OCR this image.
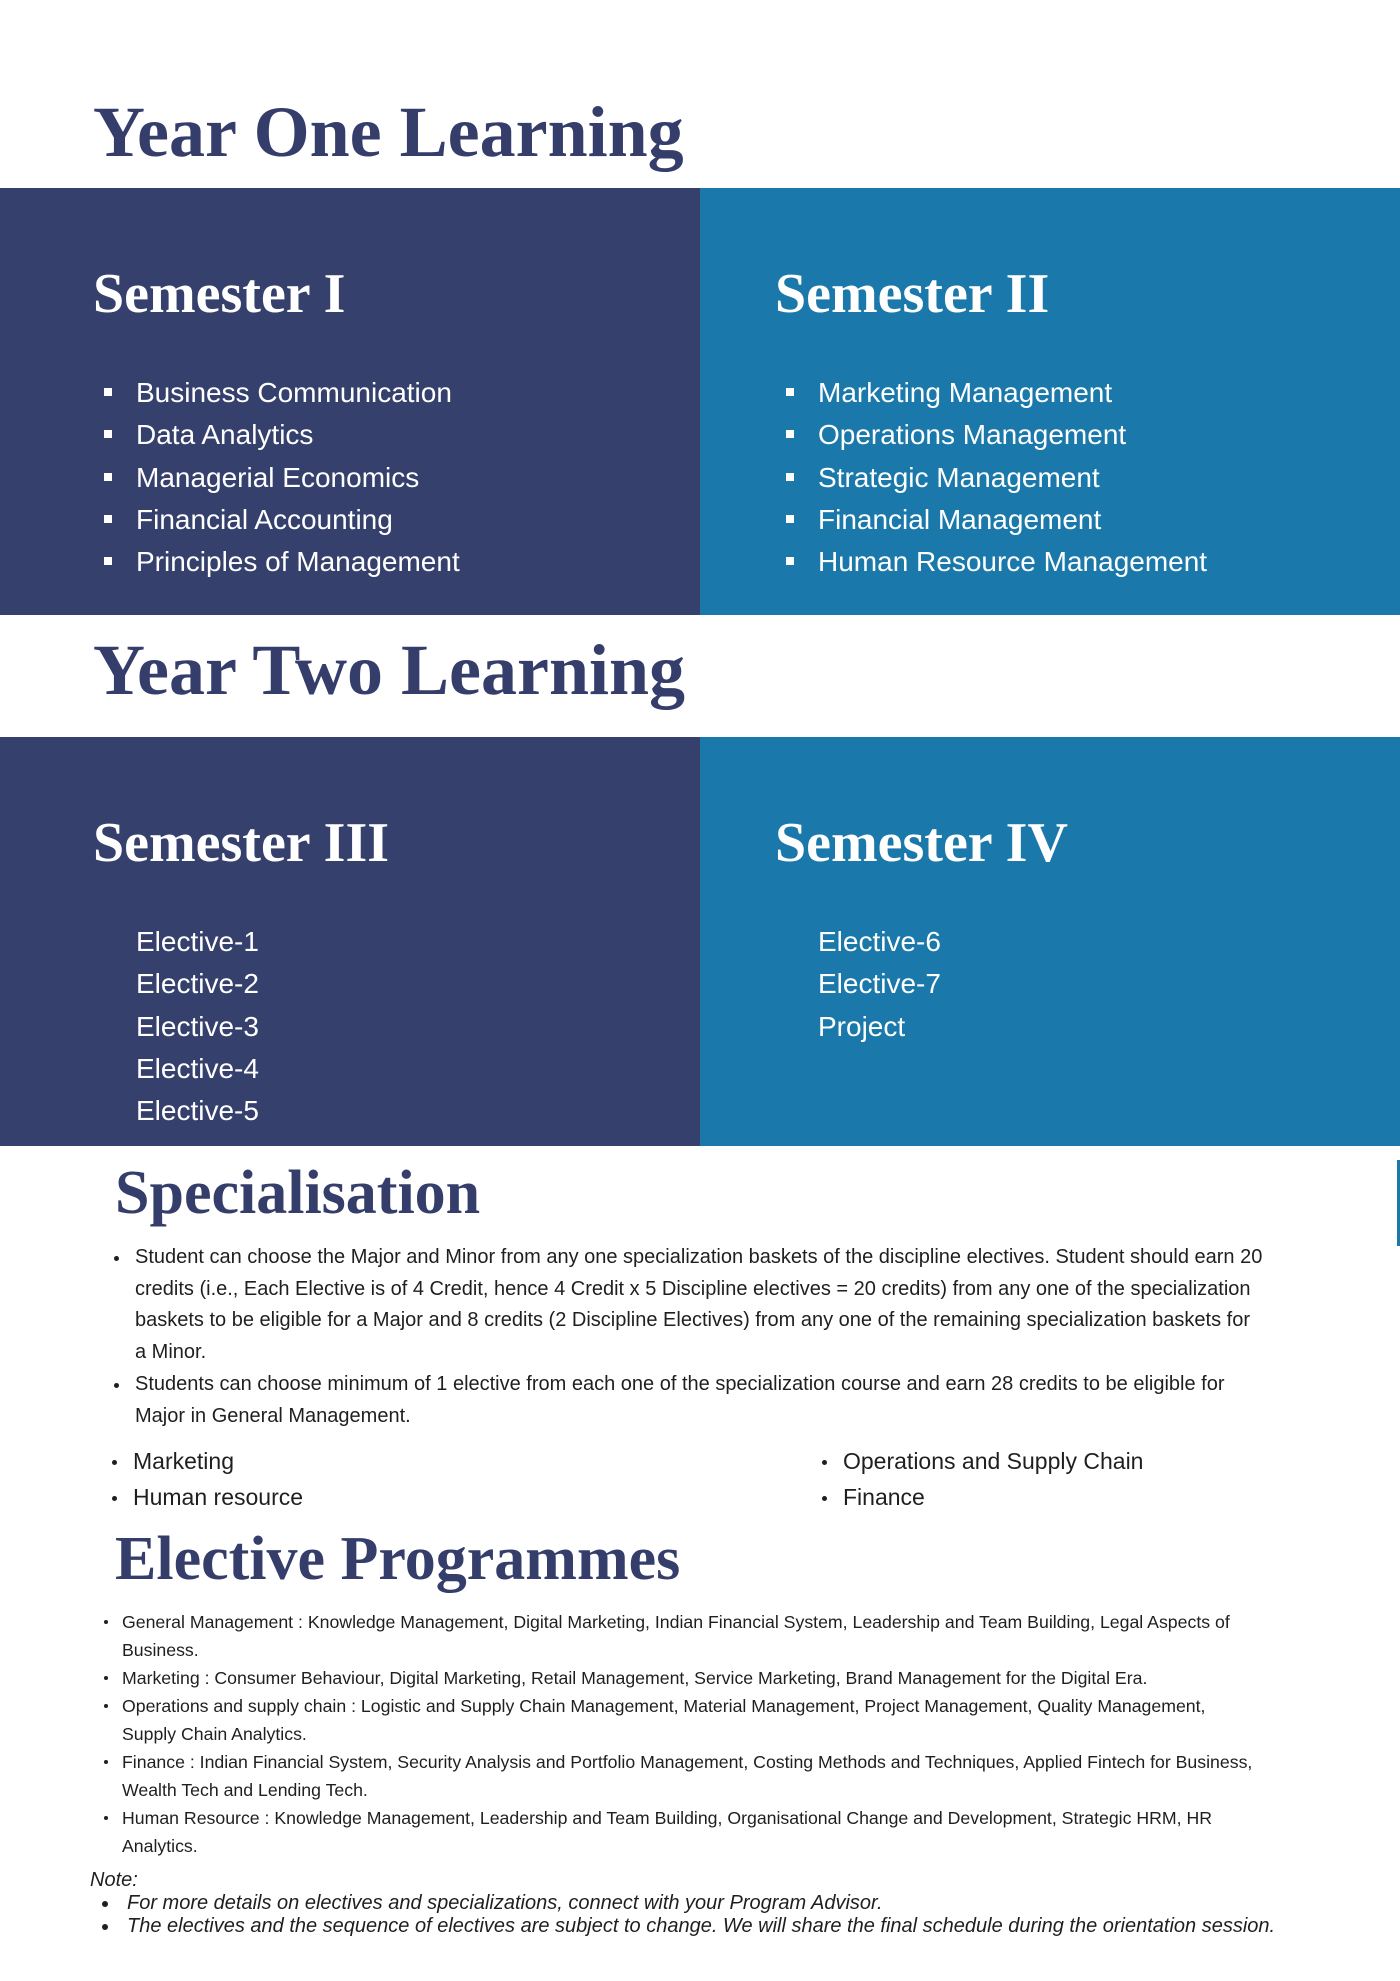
Year One Learning
Semester I
Business Communication
Data Analytics
Managerial Economics
Financial Accounting
Principles of Management
Semester II
Marketing Management
Operations Management
Strategic Management
Financial Management
Human Resource Management
Year Two Learning
Semester III
Elective-1
Elective-2
Elective-3
Elective-4
Elective-5
Semester IV
Elective-6
Elective-7
Project
Specialisation
Student can choose the Major and Minor from any one specialization baskets of the discipline electives. Student should earn 20 credits (i.e., Each Elective is of 4 Credit, hence 4 Credit x 5 Discipline electives = 20 credits) from any one of the specialization baskets to be eligible for a Major and 8 credits (2 Discipline Electives) from any one of the remaining specialization baskets for a Minor.
Students can choose minimum of 1 elective from each one of the specialization course and earn 28 credits to be eligible for Major in General Management.
Marketing
Human resource
Operations and Supply Chain
Finance
Elective Programmes
General Management : Knowledge Management, Digital Marketing, Indian Financial System, Leadership and Team Building, Legal Aspects of Business.
Marketing : Consumer Behaviour, Digital Marketing, Retail Management, Service Marketing, Brand Management for the Digital Era.
Operations and supply chain : Logistic and Supply Chain Management, Material Management, Project Management, Quality Management, Supply Chain Analytics.
Finance : Indian Financial System, Security Analysis and Portfolio Management, Costing Methods and Techniques, Applied Fintech for Business, Wealth Tech and Lending Tech.
Human Resource : Knowledge Management, Leadership and Team Building, Organisational Change and Development, Strategic HRM, HR Analytics.
Note:
For more details on electives and specializations, connect with your Program Advisor.
The electives and the sequence of electives are subject to change. We will share the final schedule during the orientation session.
